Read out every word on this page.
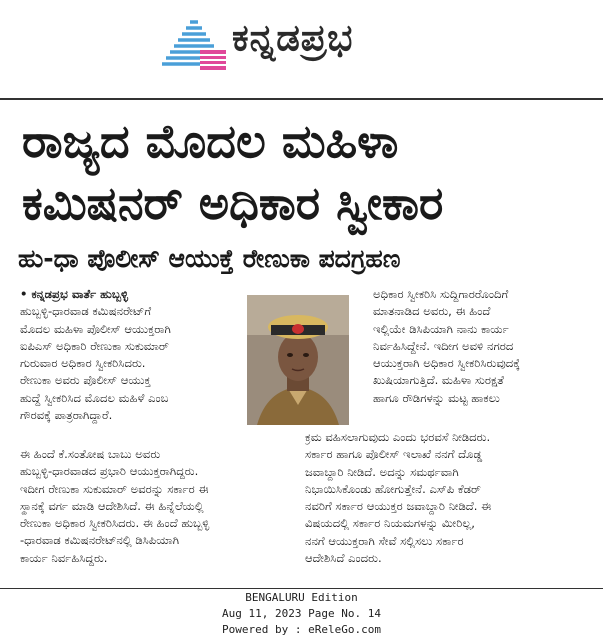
ಕನ್ನಡಪ್ರಭ
ರಾಜ್ಯದ ಮೊದಲ ಮಹಿಳಾ
ಕಮಿಷನರ್ ಅಧಿಕಾರ ಸ್ವೀಕಾರ
ಹು-ಧಾ ಪೊಲೀಸ್ ಆಯುಕ್ತೆ ರೇಣುಕಾ ಪದಗ್ರಹಣ

• ಕನ್ನಡಪ್ರಭ ವಾರ್ತೆ ಹುಬ್ಬಳ್ಳಿ

ಹುಬ್ಬಳ್ಳಿ-ಧಾರವಾಡ ಕಮಿಷನರೇಟ್‌ಗೆ

ಮೊದಲ ಮಹಿಳಾ ಪೊಲೀಸ್ ಆಯುಕ್ತರಾಗಿ

ಐಪಿಎಸ್ ಅಧಿಕಾರಿ ರೇಣುಕಾ ಸುಕುಮಾರ್

ಗುರುವಾರ ಅಧಿಕಾರ ಸ್ವೀಕರಿಸಿದರು.

ರೇಣುಕಾ ಅವರು ಪೊಲೀಸ್ ಆಯುಕ್ತ

ಹುದ್ದೆ ಸ್ವೀಕರಿಸಿದ ಮೊದಲ ಮಹಿಳೆ ಎಂಬ

ಗೌರವಕ್ಕೆ ಪಾತ್ರರಾಗಿದ್ದಾರೆ.

ಈ ಹಿಂದೆ ಕೆ.ಸಂತೋಷ ಬಾಬು ಅವರು

ಹುಬ್ಬಳ್ಳಿ-ಧಾರವಾಡದ ಪ್ರಭಾರಿ ಆಯುಕ್ತರಾಗಿದ್ದರು.

ಇದೀಗ ರೇಣುಕಾ ಸುಕುಮಾರ್ ಅವರನ್ನು ಸರ್ಕಾರ ಈ

ಸ್ಥಾನಕ್ಕೆ ವರ್ಗ ಮಾಡಿ ಆದೇಶಿಸಿದೆ. ಈ ಹಿನ್ನೆಲೆಯಲ್ಲಿ

ರೇಣುಕಾ ಅಧಿಕಾರ ಸ್ವೀಕರಿಸಿದರು. ಈ ಹಿಂದೆ ಹುಬ್ಬಳ್ಳಿ

-ಧಾರವಾಡ ಕಮಿಷನರೇಟ್‌ನಲ್ಲಿ ಡಿಸಿಪಿಯಾಗಿ

ಕಾರ್ಯ ನಿರ್ವಹಿಸಿದ್ದರು.

ಅಧಿಕಾರ ಸ್ವೀಕರಿಸಿ ಸುದ್ದಿಗಾರರೊಂದಿಗೆ

ಮಾತನಾಡಿದ ಅವರು, ಈ ಹಿಂದೆ

ಇಲ್ಲಿಯೇ ಡಿಸಿಪಿಯಾಗಿ ನಾನು ಕಾರ್ಯ

ನಿರ್ವಹಿಸಿದ್ದೇನೆ. ಇದೀಗ ಅವಳಿ ನಗರದ

ಆಯುಕ್ತರಾಗಿ ಅಧಿಕಾರ ಸ್ವೀಕರಿಸಿರುವುದಕ್ಕೆ

ಖುಷಿಯಾಗುತ್ತಿದೆ. ಮಹಿಳಾ ಸುರಕ್ಷತೆ

ಹಾಗೂ ರೌಡಿಗಳನ್ನು ಮಟ್ಟ ಹಾಕಲು

ಕ್ರಮ ವಹಿಸಲಾಗುವುದು ಎಂದು ಭರವಸೆ ನೀಡಿದರು.

ಸರ್ಕಾರ ಹಾಗೂ ಪೊಲೀಸ್ ಇಲಾಖೆ ನನಗೆ ದೊಡ್ಡ

ಜವಾಬ್ದಾರಿ ನೀಡಿದೆ. ಅದನ್ನು ಸಮರ್ಥವಾಗಿ

ನಿಭಾಯಿಸಿಕೊಂಡು ಹೋಗುತ್ತೇನೆ. ಎಸ್‌ಪಿ ಕೆಡರ್

ನವರಿಗೆ ಸರ್ಕಾರ ಆಯುಕ್ತರ ಜವಾಬ್ದಾರಿ ನೀಡಿದೆ. ಈ

ವಿಷಯದಲ್ಲಿ ಸರ್ಕಾರ ನಿಯಮಗಳನ್ನು ಮೀರಿಲ್ಲ,

ನನಗೆ ಆಯುಕ್ತರಾಗಿ ಸೇವೆ ಸಲ್ಲಿಸಲು ಸರ್ಕಾರ

ಆದೇಶಿಸಿದೆ ಎಂದರು.

BENGALURU Edition
Aug 11, 2023 Page No. 14
Powered by : eReleGo.com
